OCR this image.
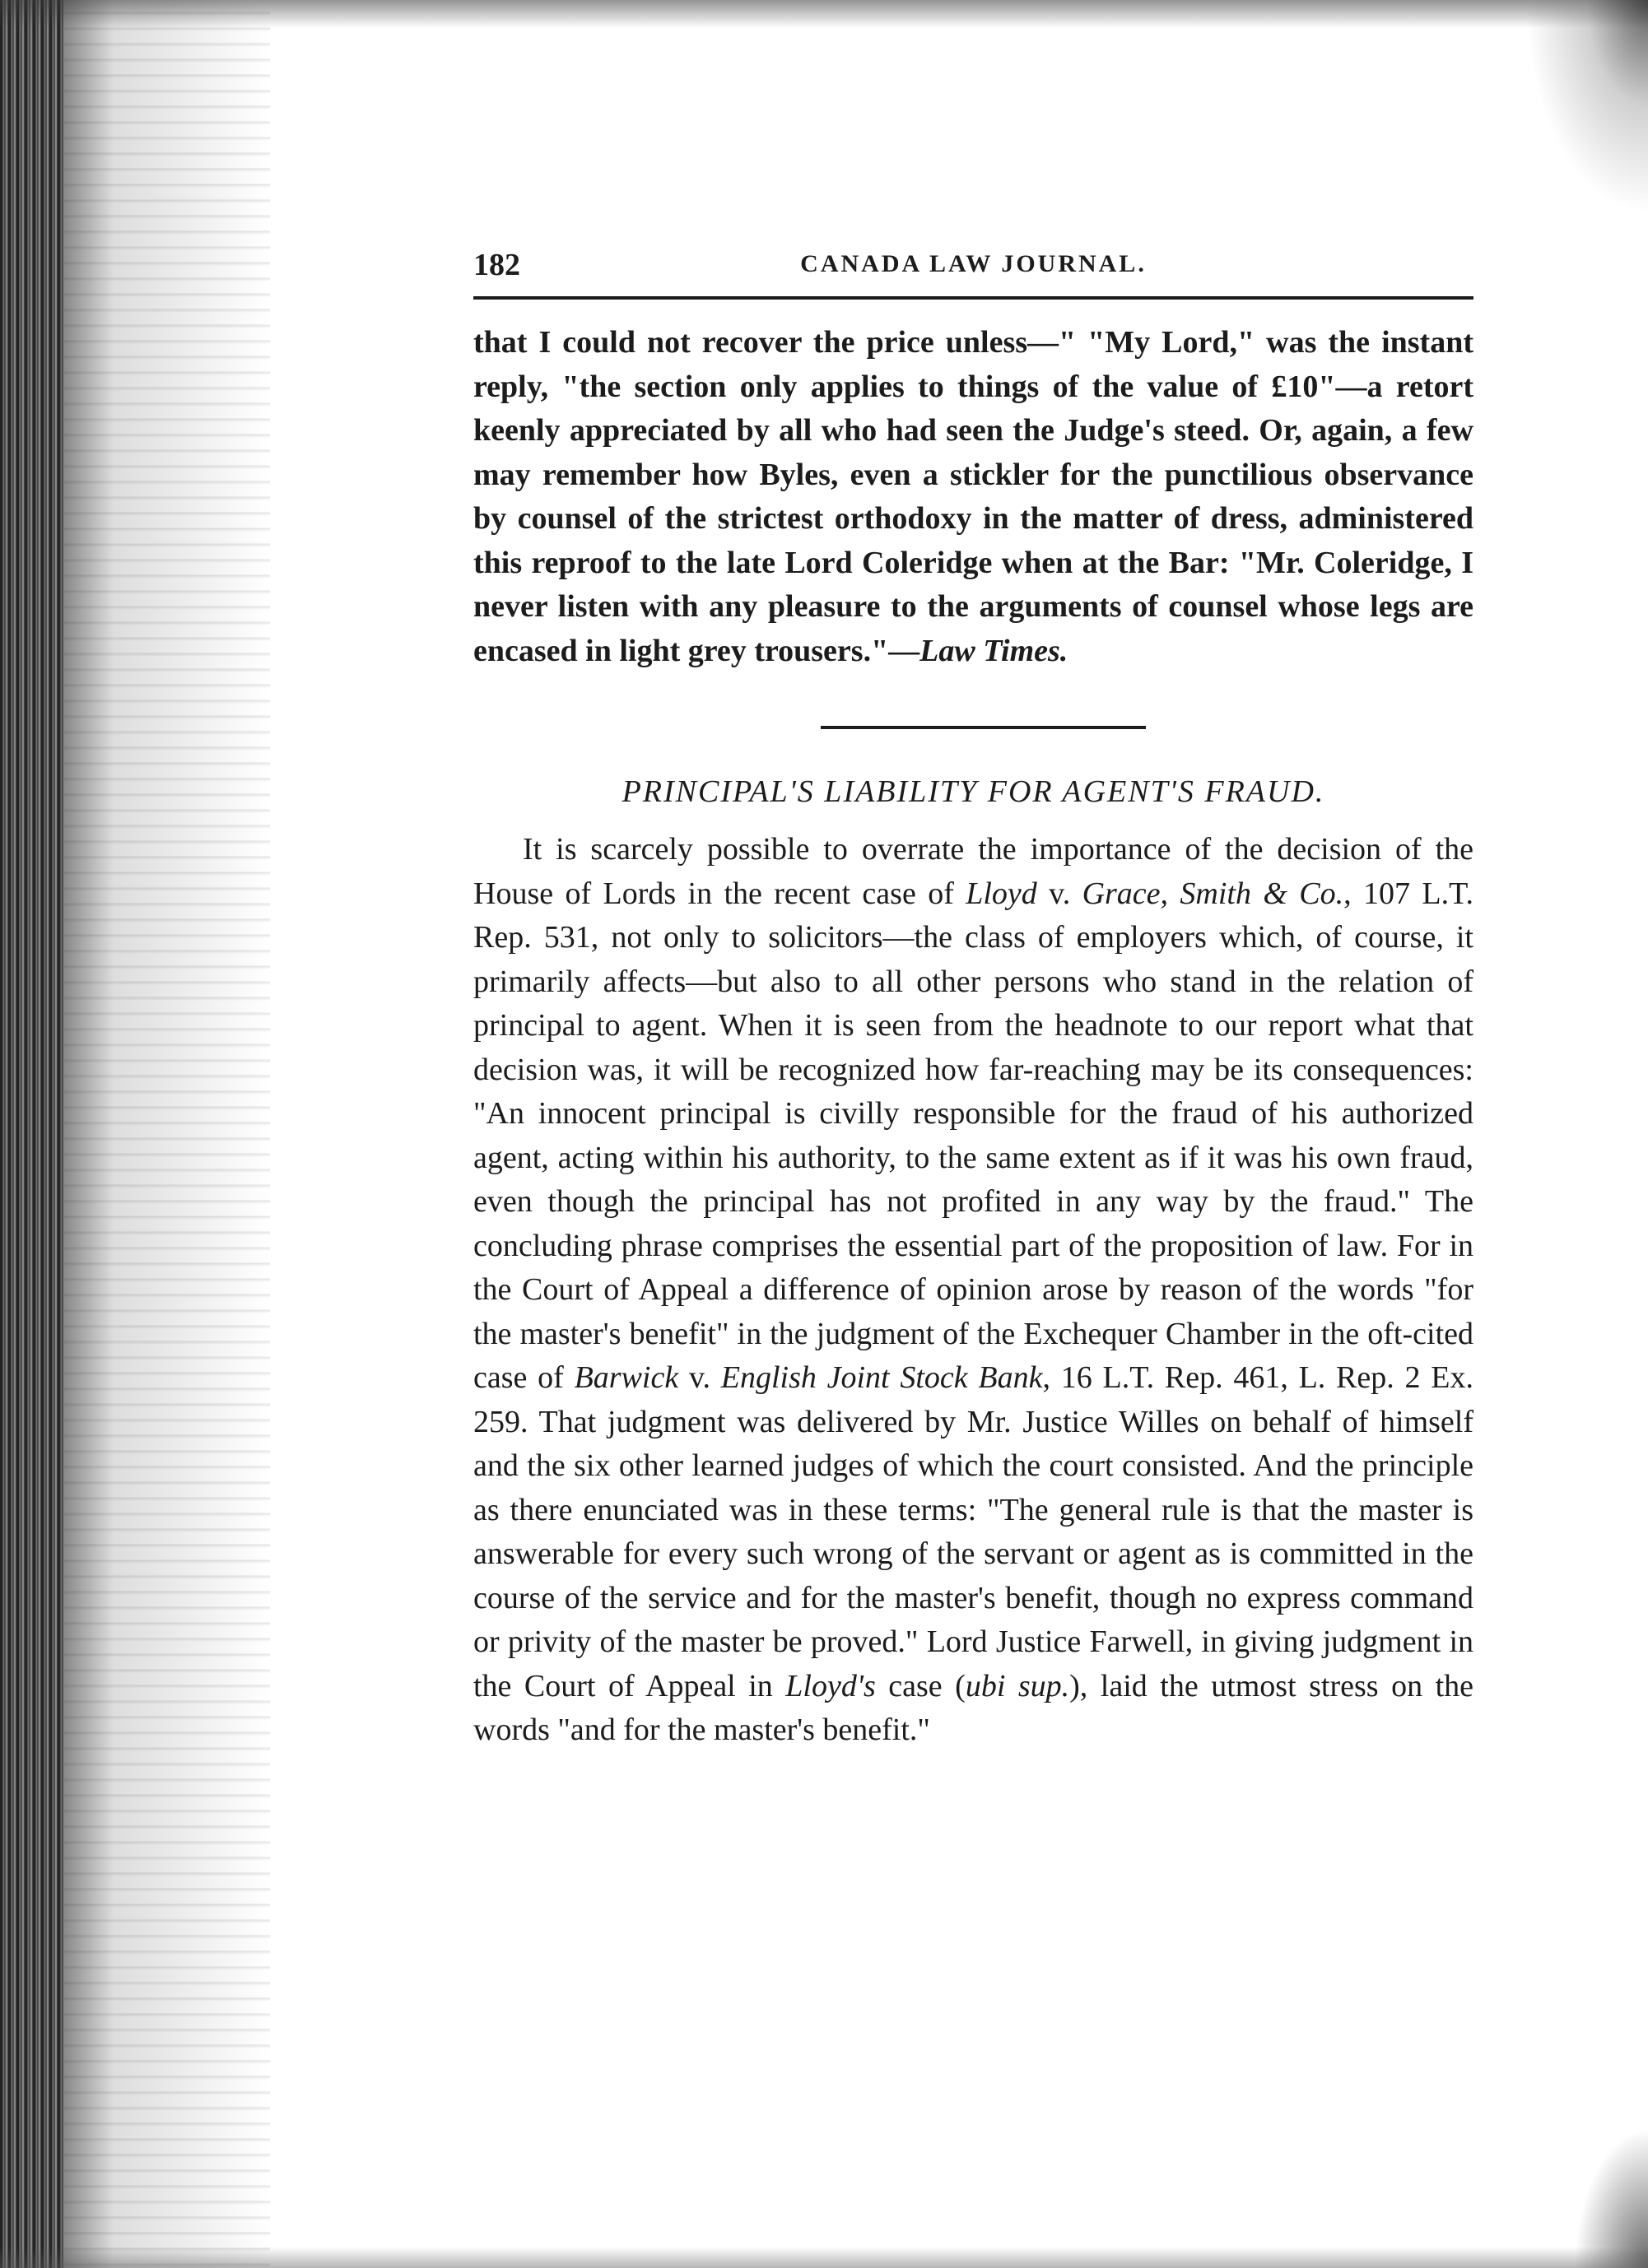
182	CANADA LAW JOURNAL.

that I could not recover the price unless—" "My Lord," was the instant reply, "the section only applies to things of the value of £10"—a retort keenly appreciated by all who had seen the Judge's steed. Or, again, a few may remember how Byles, even a stickler for the punctilious observance by counsel of the strictest orthodoxy in the matter of dress, administered this reproof to the late Lord Coleridge when at the Bar: "Mr. Coleridge, I never listen with any pleasure to the arguments of counsel whose legs are encased in light grey trousers."—Law Times.

PRINCIPAL'S LIABILITY FOR AGENT'S FRAUD.

It is scarcely possible to overrate the importance of the decision of the House of Lords in the recent case of Lloyd v. Grace, Smith & Co., 107 L.T. Rep. 531, not only to solicitors—the class of employers which, of course, it primarily affects—but also to all other persons who stand in the relation of principal to agent. When it is seen from the headnote to our report what that decision was, it will be recognized how far-reaching may be its consequences: "An innocent principal is civilly responsible for the fraud of his authorized agent, acting within his authority, to the same extent as if it was his own fraud, even though the principal has not profited in any way by the fraud." The concluding phrase comprises the essential part of the proposition of law. For in the Court of Appeal a difference of opinion arose by reason of the words "for the master's benefit" in the judgment of the Exchequer Chamber in the oft-cited case of Barwick v. English Joint Stock Bank, 16 L.T. Rep. 461, L. Rep. 2 Ex. 259. That judgment was delivered by Mr. Justice Willes on behalf of himself and the six other learned judges of which the court consisted. And the principle as there enunciated was in these terms: "The general rule is that the master is answerable for every such wrong of the servant or agent as is committed in the course of the service and for the master's benefit, though no express command or privity of the master be proved." Lord Justice Farwell, in giving judgment in the Court of Appeal in Lloyd's case (ubi sup.), laid the utmost stress on the words "and for the master's benefit."
